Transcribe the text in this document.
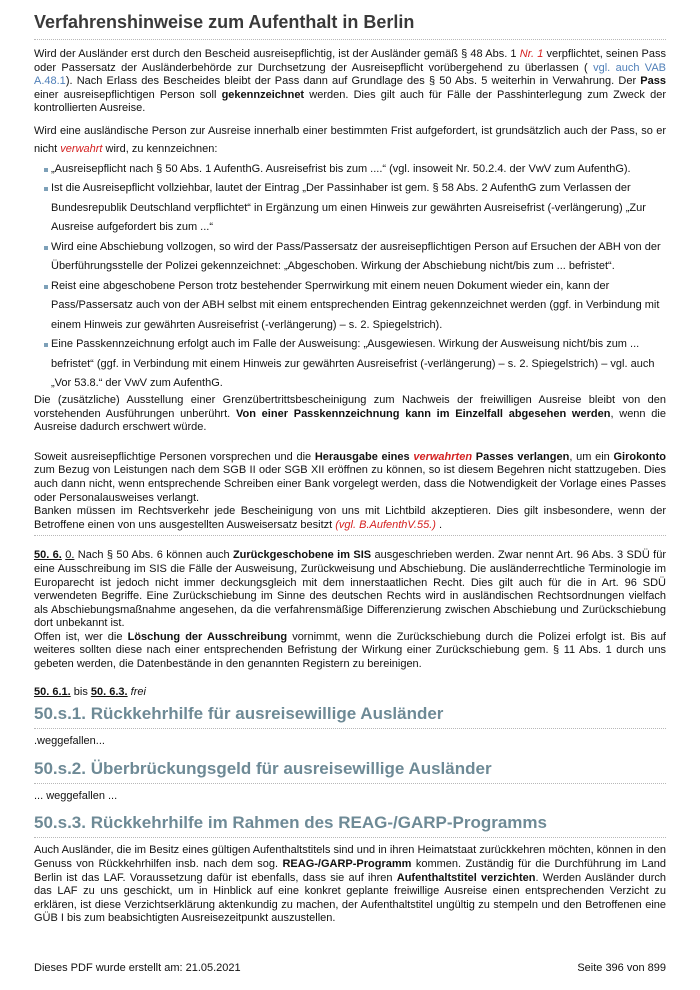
Verfahrenshinweise zum Aufenthalt in Berlin

Wird der Ausländer erst durch den Bescheid ausreisepflichtig, ist der Ausländer gemäß § 48 Abs. 1 Nr. 1 verpflichtet, seinen Pass oder Passersatz der Ausländerbehörde zur Durchsetzung der Ausreisepflicht vorübergehend zu überlassen ( vgl. auch VAB A.48.1). Nach Erlass des Bescheides bleibt der Pass dann auf Grundlage des § 50 Abs. 5 weiterhin in Verwahrung. Der Pass einer ausreisepflichtigen Person soll gekennzeichnet werden. Dies gilt auch für Fälle der Passhinterlegung zum Zweck der kontrollierten Ausreise.

Wird eine ausländische Person zur Ausreise innerhalb einer bestimmten Frist aufgefordert, ist grundsätzlich auch der Pass, so er nicht verwahrt wird, zu kennzeichnen:

„Ausreisepflicht nach § 50 Abs. 1 AufenthG. Ausreisefrist bis zum ....“ (vgl. insoweit Nr. 50.2.4. der VwV zum AufenthG).
Ist die Ausreisepflicht vollziehbar, lautet der Eintrag „Der Passinhaber ist gem. § 58 Abs. 2 AufenthG zum Verlassen der Bundesrepublik Deutschland verpflichtet“ in Ergänzung um einen Hinweis zur gewährten Ausreisefrist (-verlängerung) „Zur Ausreise aufgefordert bis zum ...“
Wird eine Abschiebung vollzogen, so wird der Pass/Passersatz der ausreisepflichtigen Person auf Ersuchen der ABH von der Überführungsstelle der Polizei gekennzeichnet: „Abgeschoben. Wirkung der Abschiebung nicht/bis zum ... befristet“.
Reist eine abgeschobene Person trotz bestehender Sperrwirkung mit einem neuen Dokument wieder ein, kann der Pass/Passersatz auch von der ABH selbst mit einem entsprechenden Eintrag gekennzeichnet werden (ggf. in Verbindung mit einem Hinweis zur gewährten Ausreisefrist (-verlängerung) – s. 2. Spiegelstrich).
Eine Passkennzeichnung erfolgt auch im Falle der Ausweisung: „Ausgewiesen. Wirkung der Ausweisung nicht/bis zum ... befristet“ (ggf. in Verbindung mit einem Hinweis zur gewährten Ausreisefrist (-verlängerung) – s. 2. Spiegelstrich) – vgl. auch „Vor 53.8.“ der VwV zum AufenthG.

Die (zusätzliche) Ausstellung einer Grenzübertrittsbescheinigung zum Nachweis der freiwilligen Ausreise bleibt von den vorstehenden Ausführungen unberührt. Von einer Passkennzeichnung kann im Einzelfall abgesehen werden, wenn die Ausreise dadurch erschwert würde.

Soweit ausreisepflichtige Personen vorsprechen und die Herausgabe eines verwahrten Passes verlangen, um ein Girokonto zum Bezug von Leistungen nach dem SGB II oder SGB XII eröffnen zu können, so ist diesem Begehren nicht stattzugeben. Dies auch dann nicht, wenn entsprechende Schreiben einer Bank vorgelegt werden, dass die Notwendigkeit der Vorlage eines Passes oder Personalausweises verlangt.

Banken müssen im Rechtsverkehr jede Bescheinigung von uns mit Lichtbild akzeptieren. Dies gilt insbesondere, wenn der Betroffene einen von uns ausgestellten Ausweisersatz besitzt (vgl. B.AufenthV.55.) .

50. 6. 0. Nach § 50 Abs. 6 können auch Zurückgeschobene im SIS ausgeschrieben werden. Zwar nennt Art. 96 Abs. 3 SDÜ für eine Ausschreibung im SIS die Fälle der Ausweisung, Zurückweisung und Abschiebung. Die ausländerrechtliche Terminologie im Europarecht ist jedoch nicht immer deckungsgleich mit dem innerstaatlichen Recht. Dies gilt auch für die in Art. 96 SDÜ verwendeten Begriffe. Eine Zurückschiebung im Sinne des deutschen Rechts wird in ausländischen Rechtsordnungen vielfach als Abschiebungsmaßnahme angesehen, da die verfahrensmäßige Differenzierung zwischen Abschiebung und Zurückschiebung dort unbekannt ist.

Offen ist, wer die Löschung der Ausschreibung vornimmt, wenn die Zurückschiebung durch die Polizei erfolgt ist. Bis auf weiteres sollten diese nach einer entsprechenden Befristung der Wirkung einer Zurückschiebung gem. § 11 Abs. 1 durch uns gebeten werden, die Datenbestände in den genannten Registern zu bereinigen.

50. 6.1. bis 50. 6.3. frei

50.s.1. Rückkehrhilfe für ausreisewillige Ausländer

.weggefallen...

50.s.2. Überbrückungsgeld für ausreisewillige Ausländer

... weggefallen ...

50.s.3. Rückkehrhilfe im Rahmen des REAG-/GARP-Programms

Auch Ausländer, die im Besitz eines gültigen Aufenthaltstitels sind und in ihren Heimatstaat zurückkehren möchten, können in den Genuss von Rückkehrhilfen insb. nach dem sog. REAG-/GARP-Programm kommen. Zuständig für die Durchführung im Land Berlin ist das LAF. Voraussetzung dafür ist ebenfalls, dass sie auf ihren Aufenthaltstitel verzichten. Werden Ausländer durch das LAF zu uns geschickt, um in Hinblick auf eine konkret geplante freiwillige Ausreise einen entsprechenden Verzicht zu erklären, ist diese Verzichtserklärung aktenkundig zu machen, der Aufenthaltstitel ungültig zu stempeln und den Betroffenen eine GÜB I bis zum beabsichtigten Ausreisezeitpunkt auszustellen.

Dieses PDF wurde erstellt am: 21.05.2021	Seite 396 von 899
